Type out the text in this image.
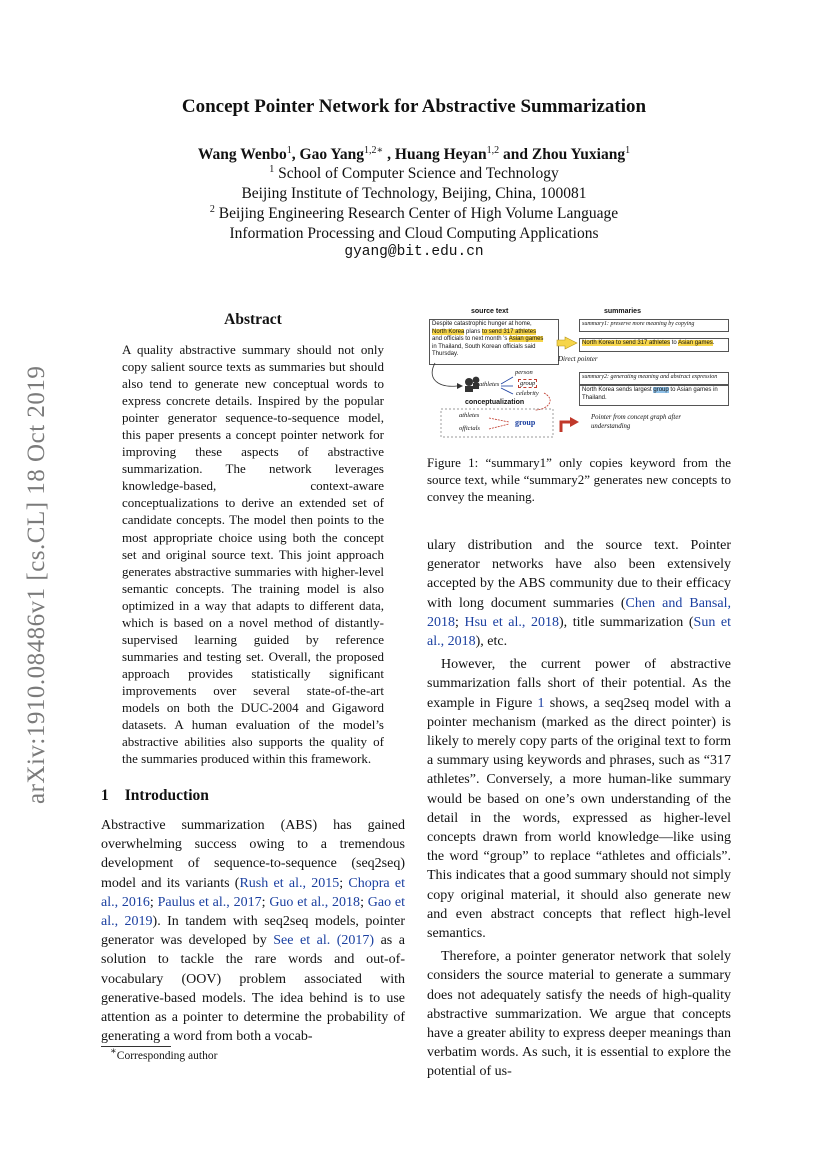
arXiv:1910.08486v1 [cs.CL] 18 Oct 2019
Concept Pointer Network for Abstractive Summarization
Wang Wenbo$^1$, Gao Yang$^{1,2∗}$ , Huang Heyan$^{1,2}$ and Zhou Yuxiang$^1$
$^1$ School of Computer Science and Technology
Beijing Institute of Technology, Beijing, China, 100081
$^2$ Beijing Engineering Research Center of High Volume Language
Information Processing and Cloud Computing Applications
gyang@bit.edu.cn
Abstract
A quality abstractive summary should not only copy salient source texts as summaries but should also tend to generate new conceptual words to express concrete details. Inspired by the popular pointer generator sequence-to-sequence model, this paper presents a concept pointer network for improving these aspects of abstractive summarization. The network leverages knowledge-based, context-aware conceptualizations to derive an extended set of candidate concepts. The model then points to the most appropriate choice using both the concept set and original source text. This joint approach generates abstractive summaries with higher-level semantic concepts. The training model is also optimized in a way that adapts to different data, which is based on a novel method of distantly-supervised learning guided by reference summaries and testing set. Overall, the proposed approach provides statistically significant improvements over several state-of-the-art models on both the DUC-2004 and Gigaword datasets. A human evaluation of the model’s abstractive abilities also supports the quality of the summaries produced within this framework.
1 Introduction

Abstractive summarization (ABS) has gained overwhelming success owing to a tremendous development of sequence-to-sequence (seq2seq) model and its variants (Rush et al., 2015; Chopra et al., 2016; Paulus et al., 2017; Guo et al., 2018; Gao et al., 2019). In tandem with seq2seq models, pointer generator was developed by See et al. (2017) as a solution to tackle the rare words and out-of-vocabulary (OOV) problem associated with generative-based models. The idea behind is to use attention as a pointer to determine the probability of generating a word from both a vocab-

∗Corresponding author
source text	summaries
Despite catastrophic hunger at home,
North Korea plans to send 317 athletes
and officials to next month 's Asian games
in Thailand, South Korean officials said
Thursday.
summary1: preserve more meaning by copying
North Korea to send 317 athletes to Asian games.
Direct pointer
summary2: generating meaning and abstract expression
North Korea sends largest group to Asian games in
Thailand.
person
athletes	group
celebrity
conceptualization
athletes
officials
group
Pointer from concept graph after understanding
Figure 1: “summary1” only copies keyword from the source text, while “summary2” generates new concepts to convey the meaning.

ulary distribution and the source text. Pointer generator networks have also been extensively accepted by the ABS community due to their efficacy with long document summaries (Chen and Bansal, 2018; Hsu et al., 2018), title summarization (Sun et al., 2018), etc.

However, the current power of abstractive summarization falls short of their potential. As the example in Figure 1 shows, a seq2seq model with a pointer mechanism (marked as the direct pointer) is likely to merely copy parts of the original text to form a summary using keywords and phrases, such as “317 athletes”. Conversely, a more human-like summary would be based on one’s own understanding of the detail in the words, expressed as higher-level concepts drawn from world knowledge—like using the word “group” to replace “athletes and officials”. This indicates that a good summary should not simply copy original material, it should also generate new and even abstract concepts that reflect high-level semantics.

Therefore, a pointer generator network that solely considers the source material to generate a summary does not adequately satisfy the needs of high-quality abstractive summarization. We argue that concepts have a greater ability to express deeper meanings than verbatim words. As such, it is essential to explore the potential of us-
